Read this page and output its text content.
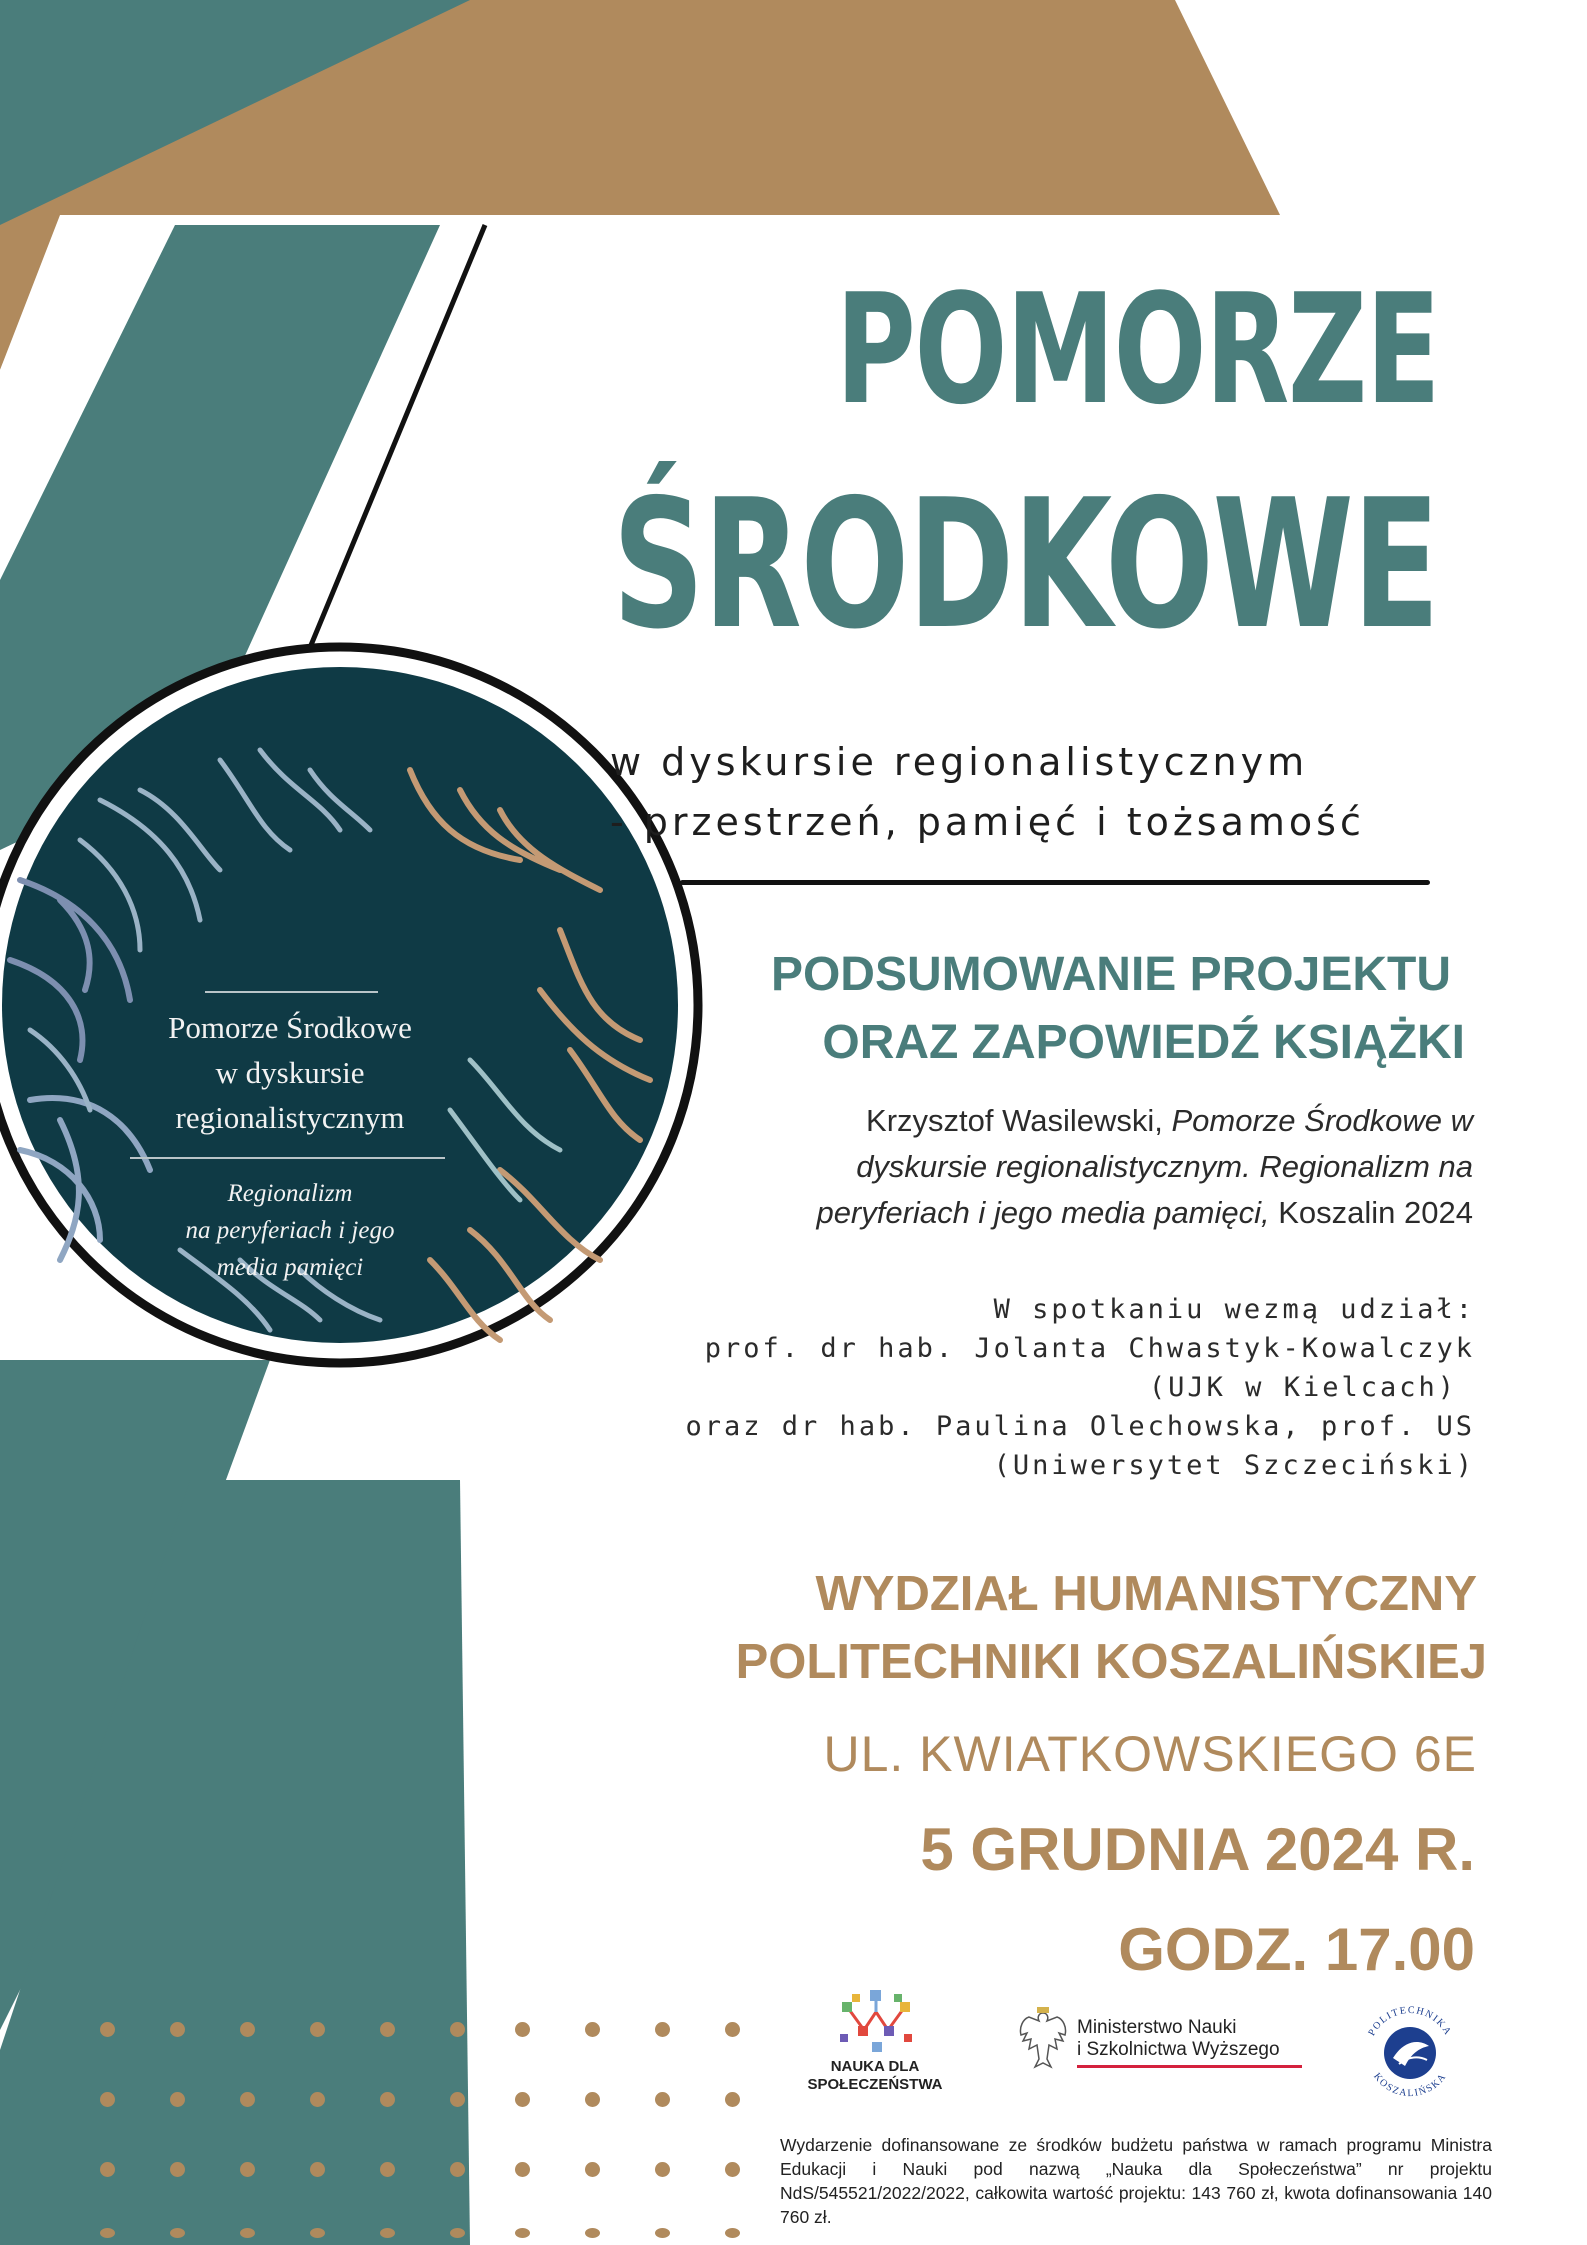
Pomorze Środkowe
w dyskursie
regionalistycznym
Regionalizm
na peryferiach i jego
media pamięci
POMORZE
ŚRODKOWE
w dyskursie regionalistycznym
- przestrzeń, pamięć i tożsamość
PODSUMOWANIE PROJEKTU
ORAZ ZAPOWIEDŹ KSIĄŻKI
Krzysztof Wasilewski, Pomorze Środkowe w
dyskursie regionalistycznym. Regionalizm na
peryferiach i jego media pamięci, Koszalin 2024
W spotkaniu wezmą udział:
prof. dr hab. Jolanta Chwastyk-Kowalczyk
(UJK w Kielcach)
oraz dr hab. Paulina Olechowska, prof. US
(Uniwersytet Szczeciński)
WYDZIAŁ HUMANISTYCZNY
POLITECHNIKI KOSZALIŃSKIEJ
UL. KWIATKOWSKIEGO 6E
5 GRUDNIA 2024 R.
GODZ. 17.00
NAUKA DLA
SPOŁECZEŃSTWA
Ministerstwo Nauki
i Szkolnictwa Wyższego
POLITECHNIKA
KOSZALIŃSKA
Wydarzenie dofinansowane ze środków budżetu państwa w ramach programu Ministra Edukacji i Nauki pod nazwą „Nauka dla Społeczeństwa” nr projektu NdS/545521/2022/2022, całkowita wartość projektu: 143 760 zł, kwota dofinansowania 140 760 zł.
